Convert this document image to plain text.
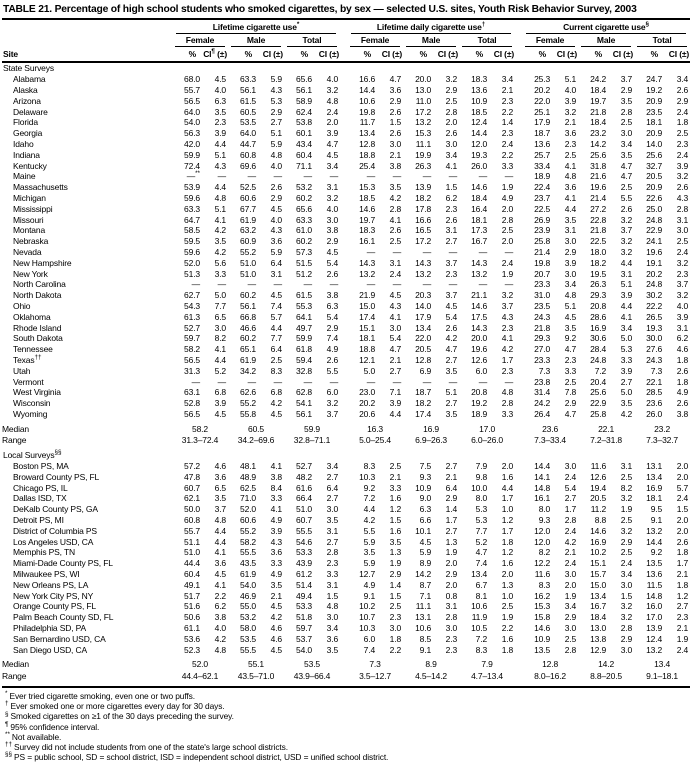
TABLE 21. Percentage of high school students who smoked cigarettes, by sex — selected U.S. sites, Youth Risk Behavior Survey, 2003

	Lifetime cigarette use*							Lifetime daily cigarette use†							Current cigarette use§

	Female		Male		Total			Female		Male		Total			Female		Male		Total	

Site	%	CI¶ (±)	%	CI (±)	%	CI (±)		%	CI (±)	%	CI (±)	%	CI (±)		%	CI (±)	%	CI (±)	%	CI (±)
State Surveys																				
Alabama	68.0	4.5	63.3	5.9	65.6	4.0		16.6	4.7	20.0	3.2	18.3	3.4		25.3	5.1	24.2	3.7	24.7	3.4
Alaska	55.7	4.0	56.1	4.3	56.1	3.2		14.4	3.6	13.0	2.9	13.6	2.1		20.2	4.0	18.4	2.9	19.2	2.6
Arizona	56.5	6.3	61.5	5.3	58.9	4.8		10.6	2.9	11.0	2.5	10.9	2.3		22.0	3.9	19.7	3.5	20.9	2.9
Delaware	64.0	3.5	60.5	2.9	62.4	2.4		19.8	2.6	17.2	2.8	18.5	2.2		25.1	3.2	21.8	2.8	23.5	2.4
Florida	54.0	2.3	53.5	2.7	53.8	2.0		11.7	1.5	13.2	2.0	12.4	1.4		17.9	2.1	18.4	2.5	18.1	1.8
Georgia	56.3	3.9	64.0	5.1	60.1	3.9		13.4	2.6	15.3	2.6	14.4	2.3		18.7	3.6	23.2	3.0	20.9	2.5
Idaho	42.0	4.4	44.7	5.9	43.4	4.7		12.8	3.0	11.1	3.0	12.0	2.4		13.6	2.3	14.2	3.4	14.0	2.3
Indiana	59.9	5.1	60.8	4.8	60.4	4.5		18.8	2.1	19.9	3.4	19.3	2.2		25.7	2.5	25.6	3.5	25.6	2.4
Kentucky	72.4	4.3	69.6	4.0	71.1	3.4		25.4	3.8	26.3	4.1	26.0	3.3		33.4	4.1	31.8	4.7	32.7	3.9
Maine	—**	—	—	—	—	—		—	—	—	—	—	—		18.9	4.8	21.6	4.7	20.5	3.2
Massachusetts	53.9	4.4	52.5	2.6	53.2	3.1		15.3	3.5	13.9	1.5	14.6	1.9		22.4	3.6	19.6	2.5	20.9	2.6
Michigan	59.6	4.8	60.6	2.9	60.2	3.2		18.5	4.2	18.2	6.2	18.4	4.9		23.7	4.1	21.4	5.5	22.6	4.3
Mississippi	63.3	5.1	67.7	4.5	65.6	4.0		14.6	2.8	17.8	2.3	16.4	2.0		22.5	4.4	27.2	2.6	25.0	2.8
Missouri	64.7	4.1	61.9	4.0	63.3	3.0		19.7	4.1	16.6	2.6	18.1	2.8		26.9	3.5	22.8	3.2	24.8	3.1
Montana	58.5	4.2	63.2	4.3	61.0	3.8		18.3	2.6	16.5	3.1	17.3	2.5		23.9	3.1	21.8	3.7	22.9	3.0
Nebraska	59.5	3.5	60.9	3.6	60.2	2.9		16.1	2.5	17.2	2.7	16.7	2.0		25.8	3.0	22.5	3.2	24.1	2.5
Nevada	59.6	4.2	55.2	5.9	57.3	4.5		—	—	—	—	—	—		21.4	2.9	18.0	3.2	19.6	2.4
New Hampshire	52.0	5.6	51.0	6.4	51.5	5.4		14.3	3.1	14.3	3.7	14.3	2.4		19.8	3.9	18.2	4.4	19.1	3.2
New York	51.3	3.3	51.0	3.1	51.2	2.6		13.2	2.4	13.2	2.3	13.2	1.9		20.7	3.0	19.5	3.1	20.2	2.3
North Carolina	—	—	—	—	—	—		—	—	—	—	—	—		23.3	3.4	26.3	5.1	24.8	3.7
North Dakota	62.7	5.0	60.2	4.5	61.5	3.8		21.9	4.5	20.3	3.7	21.1	3.2		31.0	4.8	29.3	3.9	30.2	3.2
Ohio	54.3	7.7	56.1	7.4	55.3	6.3		15.0	4.3	14.0	4.5	14.6	3.7		23.5	5.1	20.8	4.4	22.2	4.0
Oklahoma	61.3	6.5	66.8	5.7	64.1	5.4		17.4	4.1	17.9	5.4	17.5	4.3		24.3	4.5	28.6	4.1	26.5	3.9
Rhode Island	52.7	3.0	46.6	4.4	49.7	2.9		15.1	3.0	13.4	2.6	14.3	2.3		21.8	3.5	16.9	3.4	19.3	3.1
South Dakota	59.7	8.2	60.2	7.7	59.9	7.4		18.1	5.4	22.0	4.2	20.0	4.1		29.3	9.2	30.6	5.0	30.0	6.2
Tennessee	58.2	4.1	65.1	6.4	61.8	4.9		18.8	4.7	20.5	4.7	19.6	4.2		27.0	4.7	28.4	5.3	27.6	4.6
Texas††	56.5	4.4	61.9	2.5	59.4	2.6		12.1	2.1	12.8	2.7	12.6	1.7		23.3	2.3	24.8	3.3	24.3	1.8
Utah	31.3	5.2	34.2	8.3	32.8	5.5		5.0	2.7	6.9	3.5	6.0	2.3		7.3	3.3	7.2	3.9	7.3	2.6
Vermont	—	—	—	—	—	—		—	—	—	—	—	—		23.8	2.5	20.4	2.7	22.1	1.8
West Virginia	63.1	6.8	62.6	6.8	62.8	6.0		23.0	7.1	18.7	5.1	20.8	4.8		31.4	7.8	25.6	5.0	28.5	4.9
Wisconsin	52.8	3.9	55.2	4.2	54.1	3.2		20.2	3.9	18.2	2.7	19.2	2.8		24.2	2.9	22.9	3.5	23.6	2.6
Wyoming	56.5	4.5	55.8	4.5	56.1	3.7		20.6	4.4	17.4	3.5	18.9	3.3		26.4	4.7	25.8	4.2	26.0	3.8
Median	58.2		60.5		59.9			16.3		16.9		17.0			23.6		22.1		23.2	
Range	31.3–72.4		34.2–69.6		32.8–71.1			5.0–25.4		6.9–26.3		6.0–26.0			7.3–33.4		7.2–31.8		7.3–32.7	
Local Surveys§§
Boston PS, MA	57.2	4.6	48.1	4.1	52.7	3.4		8.3	2.5	7.5	2.7	7.9	2.0		14.4	3.0	11.6	3.1	13.1	2.0
Broward County PS, FL	47.8	3.6	48.9	3.8	48.2	2.7		10.3	2.1	9.3	2.1	9.8	1.6		14.1	2.4	12.6	2.5	13.4	2.0
Chicago PS, IL	60.7	6.5	62.5	8.4	61.6	6.4		9.2	3.3	10.9	6.4	10.0	4.4		14.8	5.4	19.4	8.2	16.9	5.7
Dallas ISD, TX	62.1	3.5	71.0	3.3	66.4	2.7		7.2	1.6	9.0	2.9	8.0	1.7		16.1	2.7	20.5	3.2	18.1	2.4
DeKalb County PS, GA	50.0	3.7	52.0	4.1	51.0	3.0		4.4	1.2	6.3	1.4	5.3	1.0		8.0	1.7	11.2	1.9	9.5	1.5
Detroit PS, MI	60.8	4.8	60.6	4.9	60.7	3.5		4.2	1.5	6.6	1.7	5.3	1.2		9.3	2.8	8.8	2.5	9.1	2.0
District of Columbia PS	55.7	4.4	55.2	3.9	55.5	3.1		5.5	1.6	10.1	2.7	7.7	1.7		12.0	2.4	14.6	3.2	13.2	2.0
Los Angeles USD, CA	51.1	4.4	58.2	4.3	54.6	2.7		5.9	3.5	4.5	1.3	5.2	1.8		12.0	4.2	16.9	2.9	14.4	2.6
Memphis PS, TN	51.0	4.1	55.5	3.6	53.3	2.8		3.5	1.3	5.9	1.9	4.7	1.2		8.2	2.1	10.2	2.5	9.2	1.8
Miami-Dade County PS, FL	44.4	3.6	43.5	3.3	43.9	2.3		5.9	1.9	8.9	2.0	7.4	1.6		12.2	2.4	15.1	2.4	13.5	1.7
Milwaukee PS, WI	60.4	4.5	61.9	4.9	61.2	3.3		12.7	2.9	14.2	2.9	13.4	2.0		11.6	3.0	15.7	3.4	13.6	2.1
New Orleans PS, LA	49.1	4.1	54.0	3.5	51.4	3.1		4.9	1.4	8.7	2.0	6.7	1.3		8.3	2.0	15.0	3.0	11.5	1.8
New York City PS, NY	51.7	2.2	46.9	2.1	49.4	1.5		9.1	1.5	7.1	0.8	8.1	1.0		16.2	1.9	13.4	1.5	14.8	1.2
Orange County PS, FL	51.6	6.2	55.0	4.5	53.3	4.8		10.2	2.5	11.1	3.1	10.6	2.5		15.3	3.4	16.7	3.2	16.0	2.7
Palm Beach County SD, FL	50.6	3.8	53.2	4.2	51.8	3.0		10.7	2.3	13.1	2.8	11.9	1.9		15.8	2.9	18.4	3.2	17.0	2.3
Philadelphia SD, PA	61.1	4.0	58.0	4.6	59.7	3.4		10.3	3.0	10.6	3.0	10.5	2.2		14.6	3.0	13.0	2.8	13.9	2.1
San Bernardino USD, CA	53.6	4.2	53.5	4.6	53.7	3.6		6.0	1.8	8.5	2.3	7.2	1.6		10.9	2.5	13.8	2.9	12.4	1.9
San Diego USD, CA	52.3	4.8	55.5	4.5	54.0	3.5		7.4	2.2	9.1	2.3	8.3	1.8		13.5	2.8	12.9	3.0	13.2	2.4
Median	52.0		55.1		53.5			7.3		8.9		7.9			12.8		14.2		13.4	
Range	44.4–62.1		43.5–71.0		43.9–66.4			3.5–12.7		4.5–14.2		4.7–13.4			8.0–16.2		8.8–20.5		9.1–18.1	
* Ever tried cigarette smoking, even one or two puffs.
† Ever smoked one or more cigarettes every day for 30 days.
§ Smoked cigarettes on ≥1 of the 30 days preceding the survey.
¶ 95% confidence interval.
** Not available.
†† Survey did not include students from one of the state's large school districts.
§§ PS = public school, SD = school district, ISD = independent school district, USD = unified school district.
